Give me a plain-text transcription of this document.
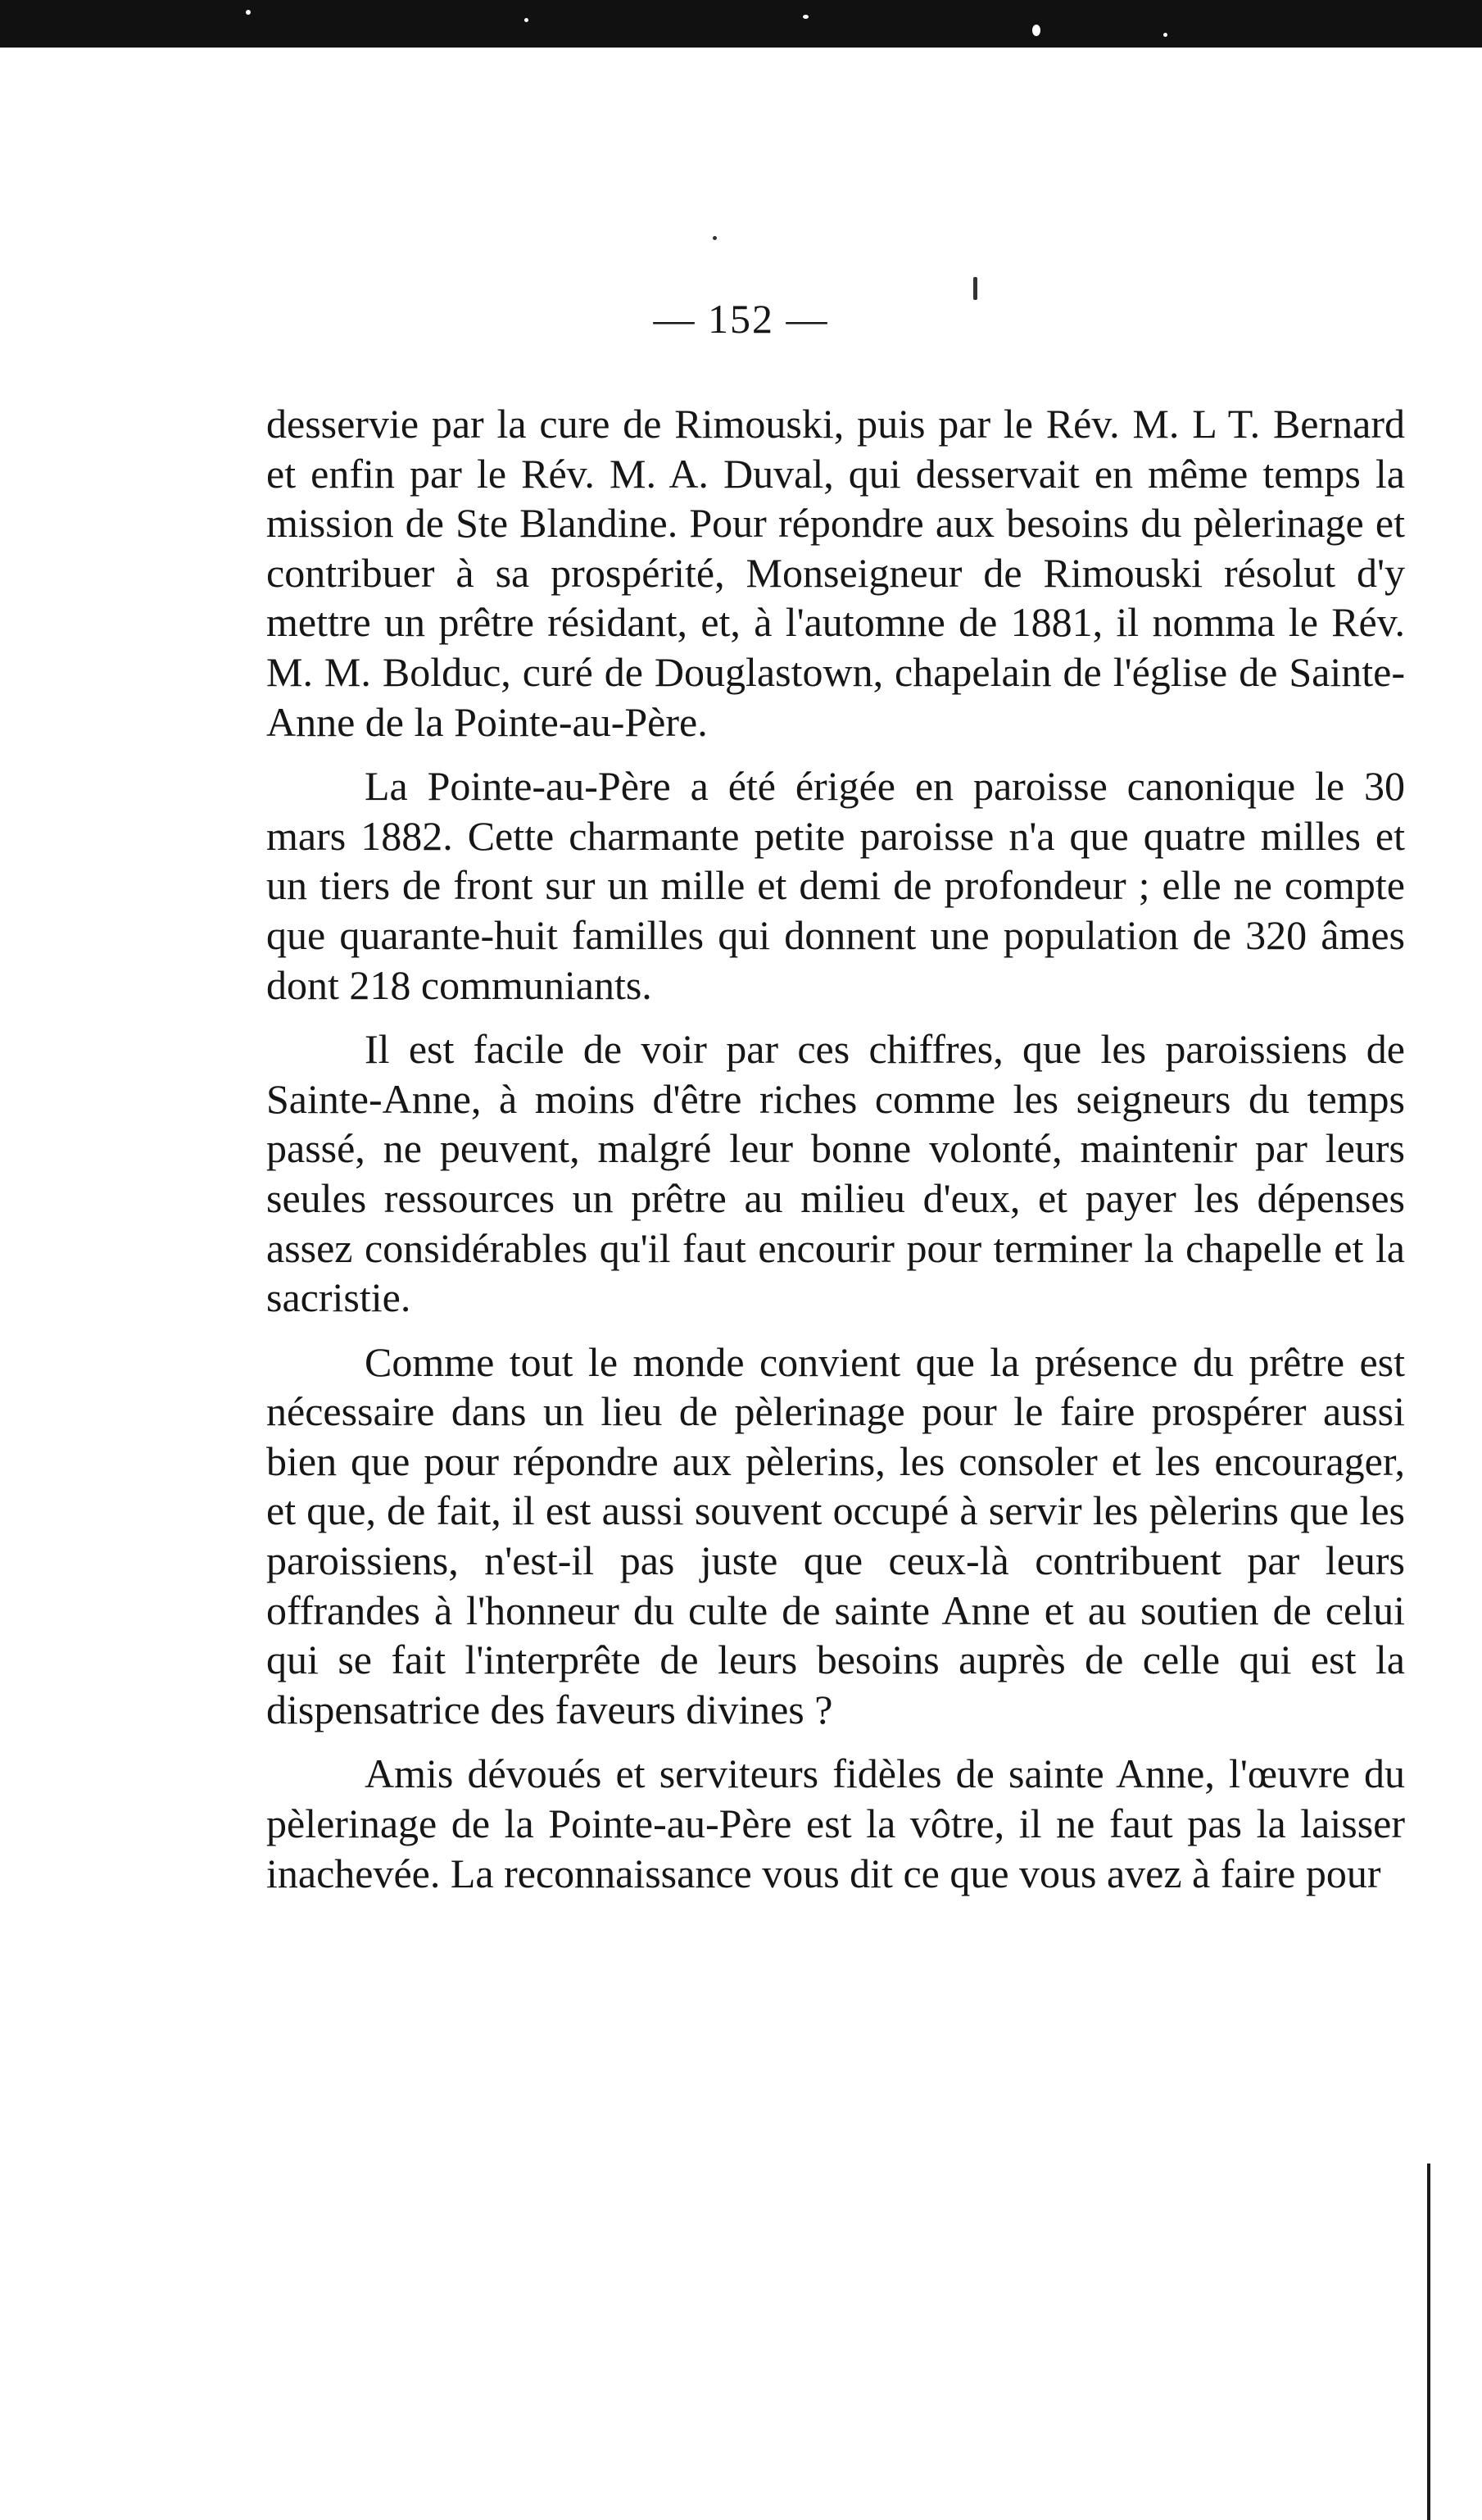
— 152 —

desservie par la cure de Rimouski, puis par le Rév. M. L T. Bernard et enfin par le Rév. M. A. Duval, qui desservait en même temps la mission de Ste Blandine. Pour répondre aux besoins du pèlerinage et contribuer à sa prospérité, Monseigneur de Rimouski résolut d'y mettre un prêtre résidant, et, à l'automne de 1881, il nomma le Rév. M. M. Bolduc, curé de Douglastown, chapelain de l'église de Sainte-Anne de la Pointe-au-Père.

La Pointe-au-Père a été érigée en paroisse canonique le 30 mars 1882. Cette charmante petite paroisse n'a que quatre milles et un tiers de front sur un mille et demi de profondeur ; elle ne compte que quarante-huit familles qui donnent une population de 320 âmes dont 218 communiants.

Il est facile de voir par ces chiffres, que les paroissiens de Sainte-Anne, à moins d'être riches comme les seigneurs du temps passé, ne peuvent, malgré leur bonne volonté, maintenir par leurs seules ressources un prêtre au milieu d'eux, et payer les dépenses assez considérables qu'il faut encourir pour terminer la chapelle et la sacristie.

Comme tout le monde convient que la présence du prêtre est nécessaire dans un lieu de pèlerinage pour le faire prospérer aussi bien que pour répondre aux pèlerins, les consoler et les encourager, et que, de fait, il est aussi souvent occupé à servir les pèlerins que les paroissiens, n'est-il pas juste que ceux-là contribuent par leurs offrandes à l'honneur du culte de sainte Anne et au soutien de celui qui se fait l'interprête de leurs besoins auprès de celle qui est la dispensatrice des faveurs divines ?

Amis dévoués et serviteurs fidèles de sainte Anne, l'œuvre du pèlerinage de la Pointe-au-Père est la vôtre, il ne faut pas la laisser inachevée. La reconnaissance vous dit ce que vous avez à faire pour
